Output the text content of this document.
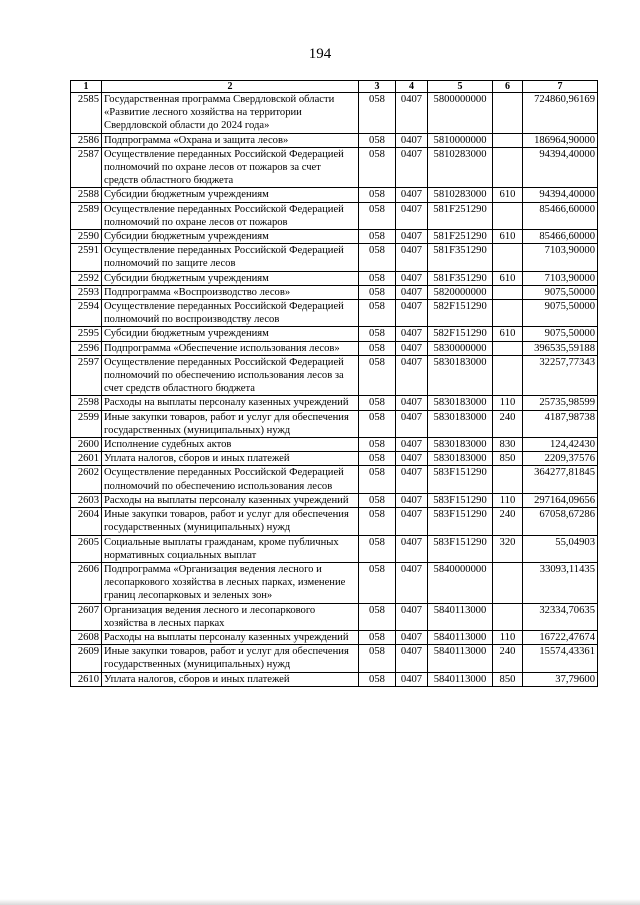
194
1	2	3	4	5	6	7
2585	Государственная программа Свердловской области «Развитие лесного хозяйства на территории Свердловской области до 2024 года»	058	0407	5800000000		724860,96169
2586	Подпрограмма «Охрана и защита лесов»	058	0407	5810000000		186964,90000
2587	Осуществление переданных Российской Федерацией полномочий по охране лесов от пожаров за счет средств областного бюджета	058	0407	5810283000		94394,40000
2588	Субсидии бюджетным учреждениям	058	0407	5810283000	610	94394,40000
2589	Осуществление переданных Российской Федерацией полномочий по охране лесов от пожаров	058	0407	581F251290		85466,60000
2590	Субсидии бюджетным учреждениям	058	0407	581F251290	610	85466,60000
2591	Осуществление переданных Российской Федерацией полномочий по защите лесов	058	0407	581F351290		7103,90000
2592	Субсидии бюджетным учреждениям	058	0407	581F351290	610	7103,90000
2593	Подпрограмма «Воспроизводство лесов»	058	0407	5820000000		9075,50000
2594	Осуществление переданных Российской Федерацией полномочий по воспроизводству лесов	058	0407	582F151290		9075,50000
2595	Субсидии бюджетным учреждениям	058	0407	582F151290	610	9075,50000
2596	Подпрограмма «Обеспечение использования лесов»	058	0407	5830000000		396535,59188
2597	Осуществление переданных Российской Федерацией полномочий по обеспечению использования лесов за счет средств областного бюджета	058	0407	5830183000		32257,77343
2598	Расходы на выплаты персоналу казенных учреждений	058	0407	5830183000	110	25735,98599
2599	Иные закупки товаров, работ и услуг для обеспечения государственных (муниципальных) нужд	058	0407	5830183000	240	4187,98738
2600	Исполнение судебных актов	058	0407	5830183000	830	124,42430
2601	Уплата налогов, сборов и иных платежей	058	0407	5830183000	850	2209,37576
2602	Осуществление переданных Российской Федерацией полномочий по обеспечению использования лесов	058	0407	583F151290		364277,81845
2603	Расходы на выплаты персоналу казенных учреждений	058	0407	583F151290	110	297164,09656
2604	Иные закупки товаров, работ и услуг для обеспечения государственных (муниципальных) нужд	058	0407	583F151290	240	67058,67286
2605	Социальные выплаты гражданам, кроме публичных нормативных социальных выплат	058	0407	583F151290	320	55,04903
2606	Подпрограмма «Организация ведения лесного и лесопаркового хозяйства в лесных парках, изменение границ лесопарковых и зеленых зон»	058	0407	5840000000		33093,11435
2607	Организация ведения лесного и лесопаркового хозяйства в лесных парках	058	0407	5840113000		32334,70635
2608	Расходы на выплаты персоналу казенных учреждений	058	0407	5840113000	110	16722,47674
2609	Иные закупки товаров, работ и услуг для обеспечения государственных (муниципальных) нужд	058	0407	5840113000	240	15574,43361
2610	Уплата налогов, сборов и иных платежей	058	0407	5840113000	850	37,79600
